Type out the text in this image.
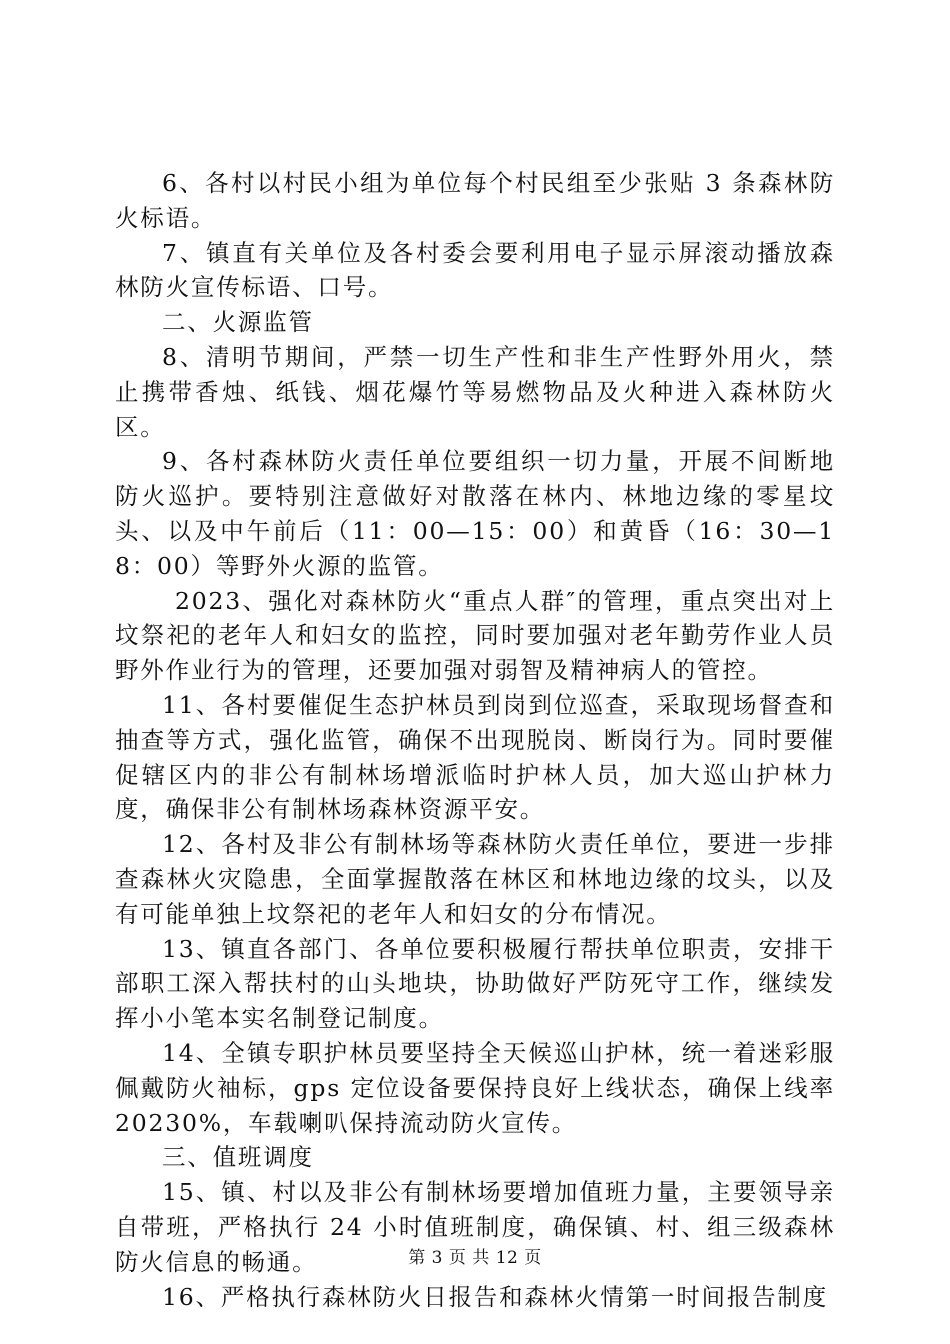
6、各村以村民小组为单位每个村民组至少张贴 3 条森林防火标语。

7、镇直有关单位及各村委会要利用电子显示屏滚动播放森林防火宣传标语、口号。

二、火源监管

8、清明节期间，严禁一切生产性和非生产性野外用火，禁止携带香烛、纸钱、烟花爆竹等易燃物品及火种进入森林防火区。

9、各村森林防火责任单位要组织一切力量，开展不间断地防火巡护。要特别注意做好对散落在林内、林地边缘的零星坟头、以及中午前后（11：00—15：00）和黄昏（16：30—18：00）等野外火源的监管。

2023、强化对森林防火“重点人群″的管理，重点突出对上坟祭祀的老年人和妇女的监控，同时要加强对老年勤劳作业人员野外作业行为的管理，还要加强对弱智及精神病人的管控。

11、各村要催促生态护林员到岗到位巡查，采取现场督查和抽查等方式，强化监管，确保不出现脱岗、断岗行为。同时要催促辖区内的非公有制林场增派临时护林人员，加大巡山护林力度，确保非公有制林场森林资源平安。

12、各村及非公有制林场等森林防火责任单位，要进一步排查森林火灾隐患，全面掌握散落在林区和林地边缘的坟头，以及有可能单独上坟祭祀的老年人和妇女的分布情况。

13、镇直各部门、各单位要积极履行帮扶单位职责，安排干部职工深入帮扶村的山头地块，协助做好严防死守工作，继续发挥小小笔本实名制登记制度。

14、全镇专职护林员要坚持全天候巡山护林，统一着迷彩服佩戴防火袖标，gps 定位设备要保持良好上线状态，确保上线率 20230%，车载喇叭保持流动防火宣传。

三、值班调度

15、镇、村以及非公有制林场要增加值班力量，主要领导亲自带班，严格执行 24 小时值班制度，确保镇、村、组三级森林防火信息的畅通。

16、严格执行森林防火日报告和森林火情第一时间报告制度

第 3 页 共 12 页
